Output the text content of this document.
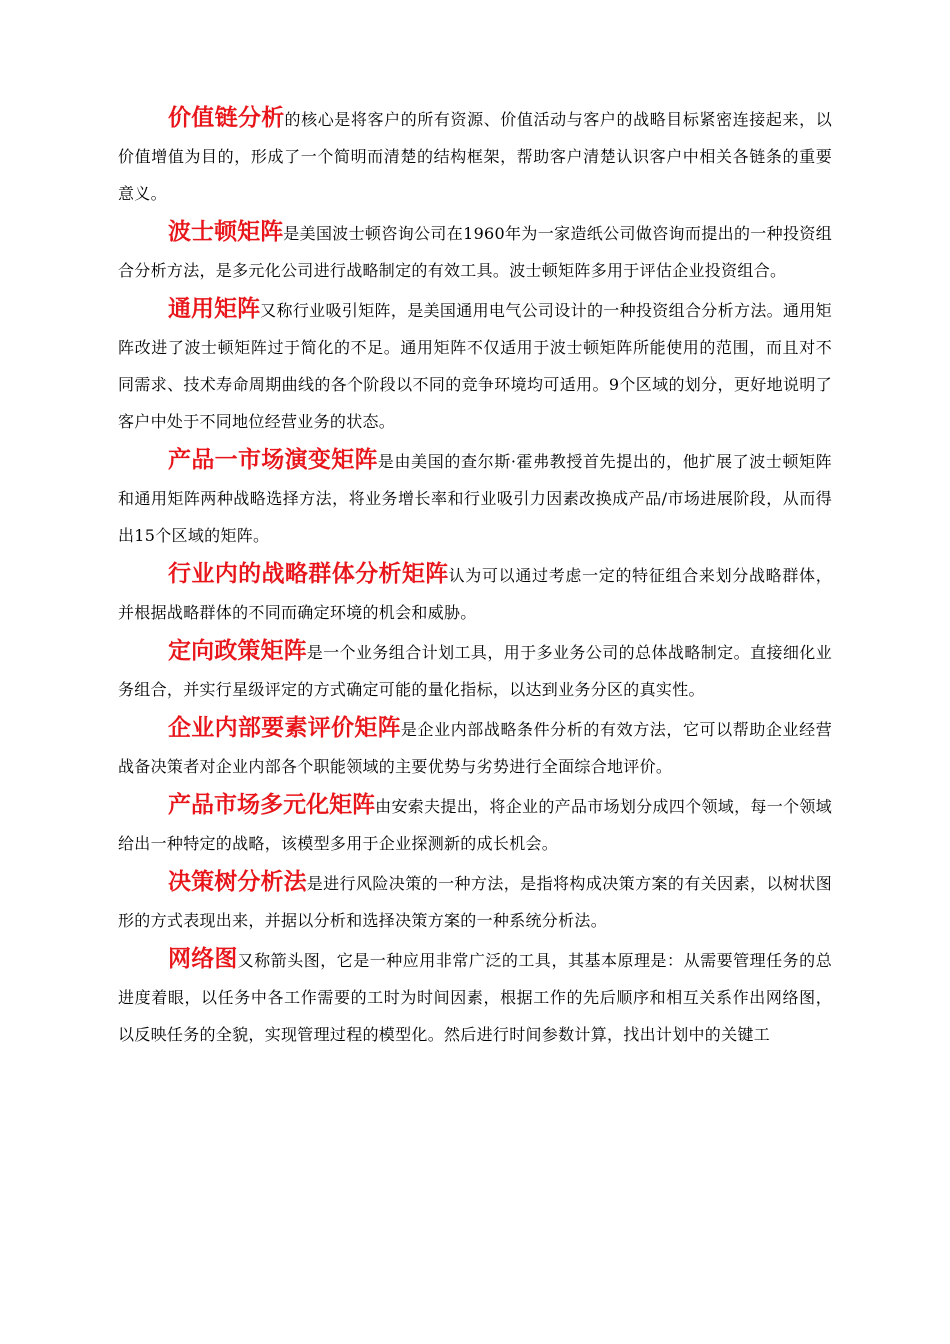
价值链分析的核心是将客户的所有资源、价值活动与客户的战略目标紧密连接起来，以价值增值为目的，形成了一个简明而清楚的结构框架，帮助客户清楚认识客户中相关各链条的重要意义。

波士顿矩阵是美国波士顿咨询公司在1960年为一家造纸公司做咨询而提出的一种投资组合分析方法，是多元化公司进行战略制定的有效工具。波士顿矩阵多用于评估企业投资组合。

通用矩阵又称行业吸引矩阵，是美国通用电气公司设计的一种投资组合分析方法。通用矩阵改进了波士顿矩阵过于简化的不足。通用矩阵不仅适用于波士顿矩阵所能使用的范围，而且对不同需求、技术寿命周期曲线的各个阶段以不同的竞争环境均可适用。9个区域的划分，更好地说明了客户中处于不同地位经营业务的状态。

产品一市场演变矩阵是由美国的查尔斯·霍弗教授首先提出的，他扩展了波士顿矩阵和通用矩阵两种战略选择方法，将业务增长率和行业吸引力因素改换成产品/市场进展阶段，从而得出15个区域的矩阵。

行业内的战略群体分析矩阵认为可以通过考虑一定的特征组合来划分战略群体，并根据战略群体的不同而确定环境的机会和威胁。

定向政策矩阵是一个业务组合计划工具，用于多业务公司的总体战略制定。直接细化业务组合，并实行星级评定的方式确定可能的量化指标，以达到业务分区的真实性。

企业内部要素评价矩阵是企业内部战略条件分析的有效方法，它可以帮助企业经营战备决策者对企业内部各个职能领域的主要优势与劣势进行全面综合地评价。

产品市场多元化矩阵由安索夫提出，将企业的产品市场划分成四个领域，每一个领域给出一种特定的战略，该模型多用于企业探测新的成长机会。

决策树分析法是进行风险决策的一种方法，是指将构成决策方案的有关因素，以树状图形的方式表现出来，并据以分析和选择决策方案的一种系统分析法。

网络图又称箭头图，它是一种应用非常广泛的工具，其基本原理是：从需要管理任务的总进度着眼，以任务中各工作需要的工时为时间因素，根据工作的先后顺序和相互关系作出网络图，以反映任务的全貌，实现管理过程的模型化。然后进行时间参数计算，找出计划中的关键工
